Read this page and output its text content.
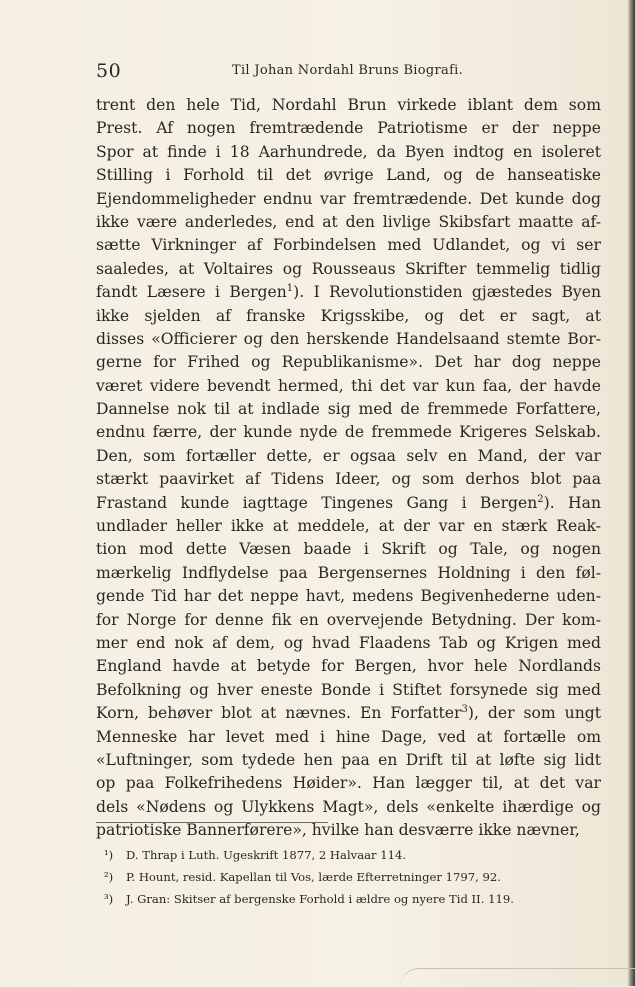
50	Til Johan Nordahl Bruns Biografi.
trent den hele Tid, Nordahl Brun virkede iblant dem som
Prest. Af nogen fremtrædende Patriotisme er der neppe
Spor at finde i 18 Aarhundrede, da Byen indtog en isoleret
Stilling i Forhold til det øvrige Land, og de hanseatiske
Ejendommeligheder endnu var fremtrædende. Det kunde dog
ikke være anderledes, end at den livlige Skibsfart maatte af-
sætte Virkninger af Forbindelsen med Udlandet, og vi ser
saaledes, at Voltaires og Rousseaus Skrifter temmelig tidlig
fandt Læsere i Bergen$^1$). I Revolutionstiden gjæstedes Byen
ikke sjelden af franske Krigsskibe, og det er sagt, at
disses «Officierer og den herskende Handelsaand stemte Bor-
gerne for Frihed og Republikanisme». Det har dog neppe
været videre bevendt hermed, thi det var kun faa, der havde
Dannelse nok til at indlade sig med de fremmede Forfattere,
endnu færre, der kunde nyde de fremmede Krigeres Selskab.
Den, som fortæller dette, er ogsaa selv en Mand, der var
stærkt paavirket af Tidens Ideer, og som derhos blot paa
Frastand kunde iagttage Tingenes Gang i Bergen$^2$). Han
undlader heller ikke at meddele, at der var en stærk Reak-
tion mod dette Væsen baade i Skrift og Tale, og nogen
mærkelig Indflydelse paa Bergensernes Holdning i den føl-
gende Tid har det neppe havt, medens Begivenhederne uden-
for Norge for denne fik en overvejende Betydning. Der kom-
mer end nok af dem, og hvad Flaadens Tab og Krigen med
England havde at betyde for Bergen, hvor hele Nordlands
Befolkning og hver eneste Bonde i Stiftet forsynede sig med
Korn, behøver blot at nævnes. En Forfatter$^3$), der som ungt
Menneske har levet med i hine Dage, ved at fortælle om
«Luftninger, som tydede hen paa en Drift til at løfte sig lidt
op paa Folkefrihedens Høider». Han lægger til, at det var
dels «Nødens og Ulykkens Magt», dels «enkelte ihærdige og
patriotiske Bannerførere», hvilke han desværre ikke nævner,
¹) D. Thrap i Luth. Ugeskrift 1877, 2 Halvaar 114.
²) P. Hount, resid. Kapellan til Vos, lærde Efterretninger 1797, 92.
³) J. Gran: Skitser af bergenske Forhold i ældre og nyere Tid II. 119.
